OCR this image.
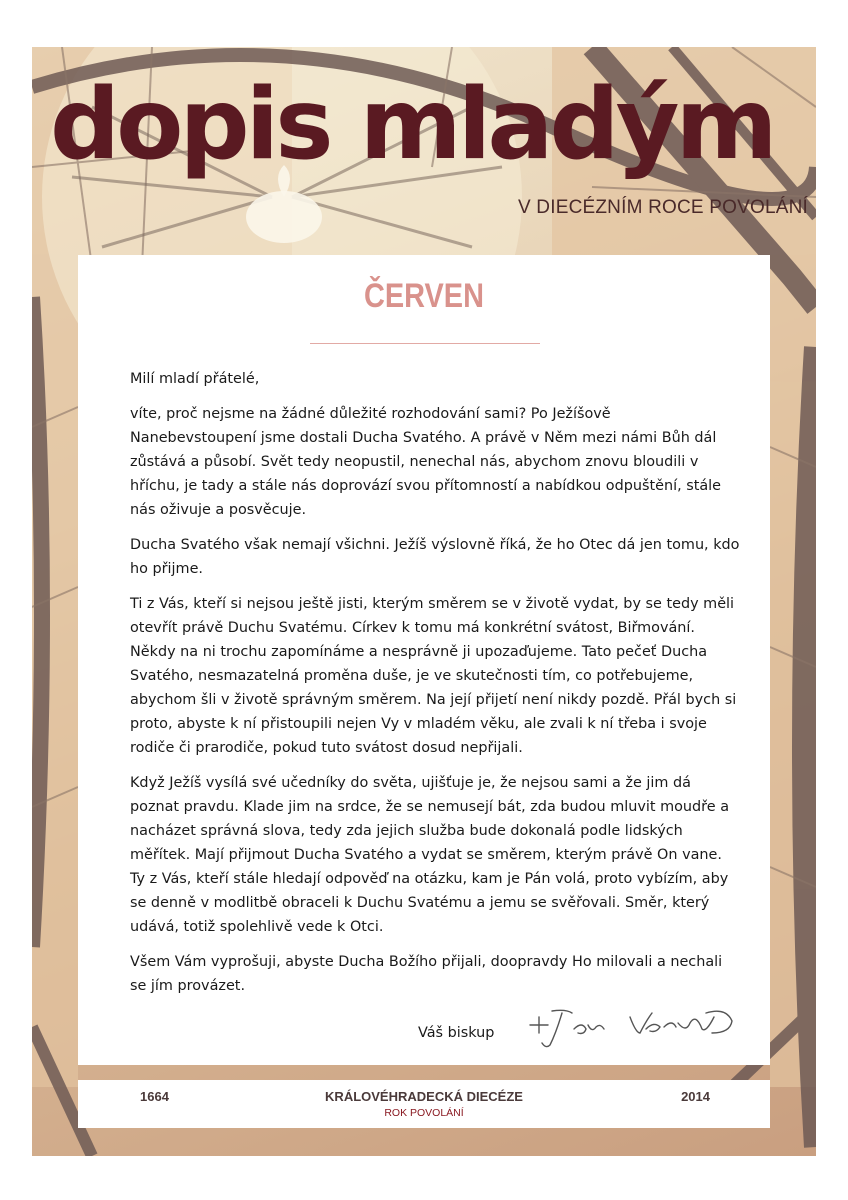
dopis mladým
V DIECÉZNÍM ROCE POVOLÁNÍ
ČERVEN

Milí mladí přátelé,

víte, proč nejsme na žádné důležité rozhodování sami? Po Ježíšově Nanebevstoupení jsme dostali Ducha Svatého. A právě v Něm mezi námi Bůh dál zůstává a působí. Svět tedy neopustil, nenechal nás, abychom znovu bloudili v hříchu, je tady a stále nás doprovází svou přítomností a nabídkou odpuštění, stále nás oživuje a posvěcuje.

Ducha Svatého však nemají všichni. Ježíš výslovně říká, že ho Otec dá jen tomu, kdo ho přijme.

Ti z Vás, kteří si nejsou ještě jisti, kterým směrem se v životě vydat, by se tedy měli otevřít právě Duchu Svatému. Církev k tomu má konkrétní svátost, Biřmování. Někdy na ni trochu zapomínáme a nesprávně ji upozaďujeme. Tato pečeť Ducha Svatého, nesmazatelná proměna duše, je ve skutečnosti tím, co potřebujeme, abychom šli v životě správným směrem. Na její přijetí není nikdy pozdě. Přál bych si proto, abyste k ní přistoupili nejen Vy v mladém věku, ale zvali k ní třeba i svoje rodiče či prarodiče, pokud tuto svátost dosud nepřijali.

Když Ježíš vysílá své učedníky do světa, ujišťuje je, že nejsou sami a že jim dá poznat pravdu. Klade jim na srdce, že se nemusejí bát, zda budou mluvit moudře a nacházet správná slova, tedy zda jejich služba bude dokonalá podle lidských měřítek. Mají přijmout Ducha Svatého a vydat se směrem, kterým právě On vane. Ty z Vás, kteří stále hledají odpověď na otázku, kam je Pán volá, proto vybízím, aby se denně v modlitbě obraceli k Duchu Svatému a jemu se svěřovali. Směr, který udává, totiž spolehlivě vede k Otci.

Všem Vám vyprošuji, abyste Ducha Božího přijali, doopravdy Ho milovali a nechali se jím provázet.

Váš biskup
1664	KRÁLOVÉHRADECKÁ DIECÉZE
ROK POVOLÁNÍ
2014
